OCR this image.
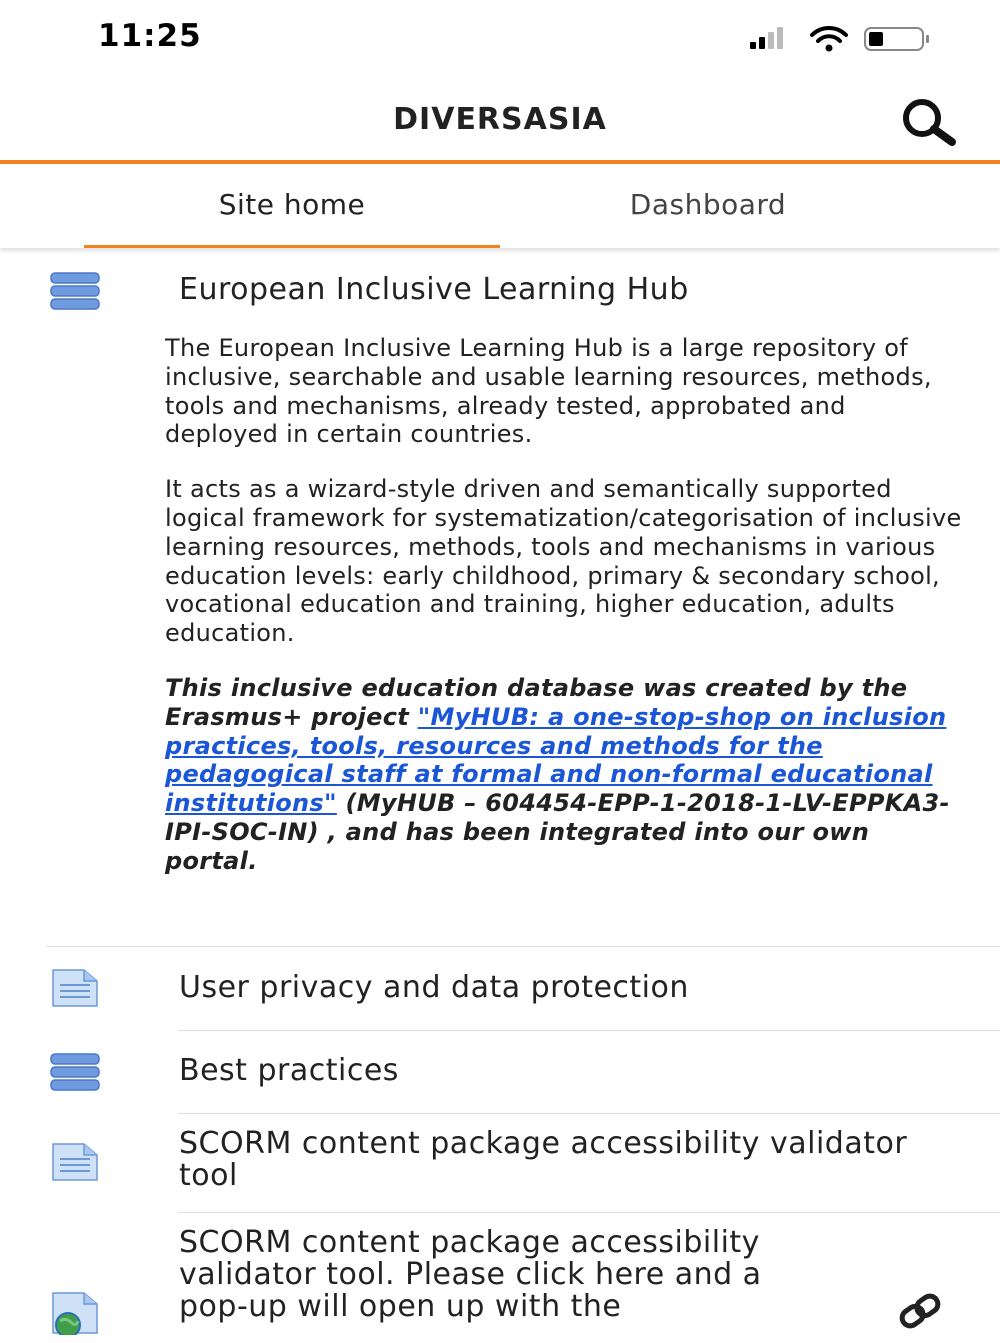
11:25
DIVERSASIA
Site home	Dashboard
European Inclusive Learning Hub

The European Inclusive Learning Hub is a large repository of inclusive, searchable and usable learning resources, methods, tools and mechanisms, already tested, approbated and deployed in certain countries.

It acts as a wizard-style driven and semantically supported logical framework for systematization/categorisation of inclusive learning resources, methods, tools and mechanisms in various education levels: early childhood, primary & secondary school, vocational education and training, higher education, adults education.

This inclusive education database was created by the Erasmus+ project "MyHUB: a one-stop-shop on inclusion practices, tools, resources and methods for the pedagogical staff at formal and non-formal educational institutions" (MyHUB – 604454-EPP-1-2018-1-LV-EPPKA3-IPI-SOC-IN) , and has been integrated into our own portal.

User privacy and data protection
Best practices
SCORM content package accessibility validator tool
SCORM content package accessibility validator tool. Please click here and a pop-up will open up with the
